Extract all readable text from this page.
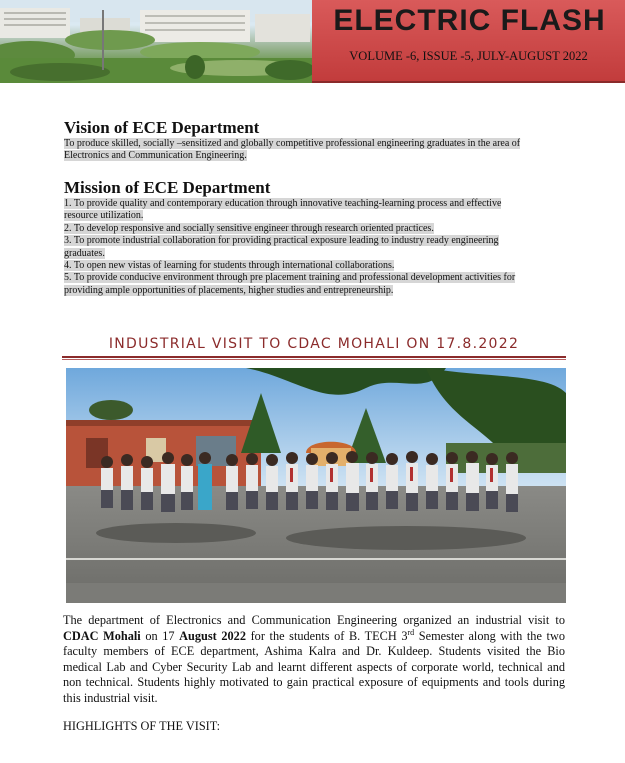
ELECTRIC FLASH
VOLUME -6, ISSUE -5, JULY-AUGUST 2022
Vision of ECE Department
To produce skilled, socially –sensitized and globally competitive professional engineering graduates in the area of
Electronics and Communication Engineering.
Mission of ECE Department
1. To provide quality and contemporary education through innovative teaching-learning process and effective
resource utilization.
2. To develop responsive and socially sensitive engineer through research oriented practices.
3. To promote industrial collaboration for providing practical exposure leading to industry ready engineering
graduates.
4. To open new vistas of learning for students through international collaborations.
5. To provide conducive environment through pre placement training and professional development activities for
providing ample opportunities of placements, higher studies and entrepreneurship.
INDUSTRIAL VISIT TO CDAC MOHALI ON 17.8.2022
The department of Electronics and Communication Engineering organized an industrial visit to CDAC Mohali on 17 August 2022 for the students of B. TECH 3rd Semester along with the two faculty members of ECE department, Ashima Kalra and Dr. Kuldeep. Students visited the Bio medical Lab and Cyber Security Lab and learnt different aspects of corporate world, technical and non technical. Students highly motivated to gain practical exposure of equipments and tools during this industrial visit.
HIGHLIGHTS OF THE VISIT:
